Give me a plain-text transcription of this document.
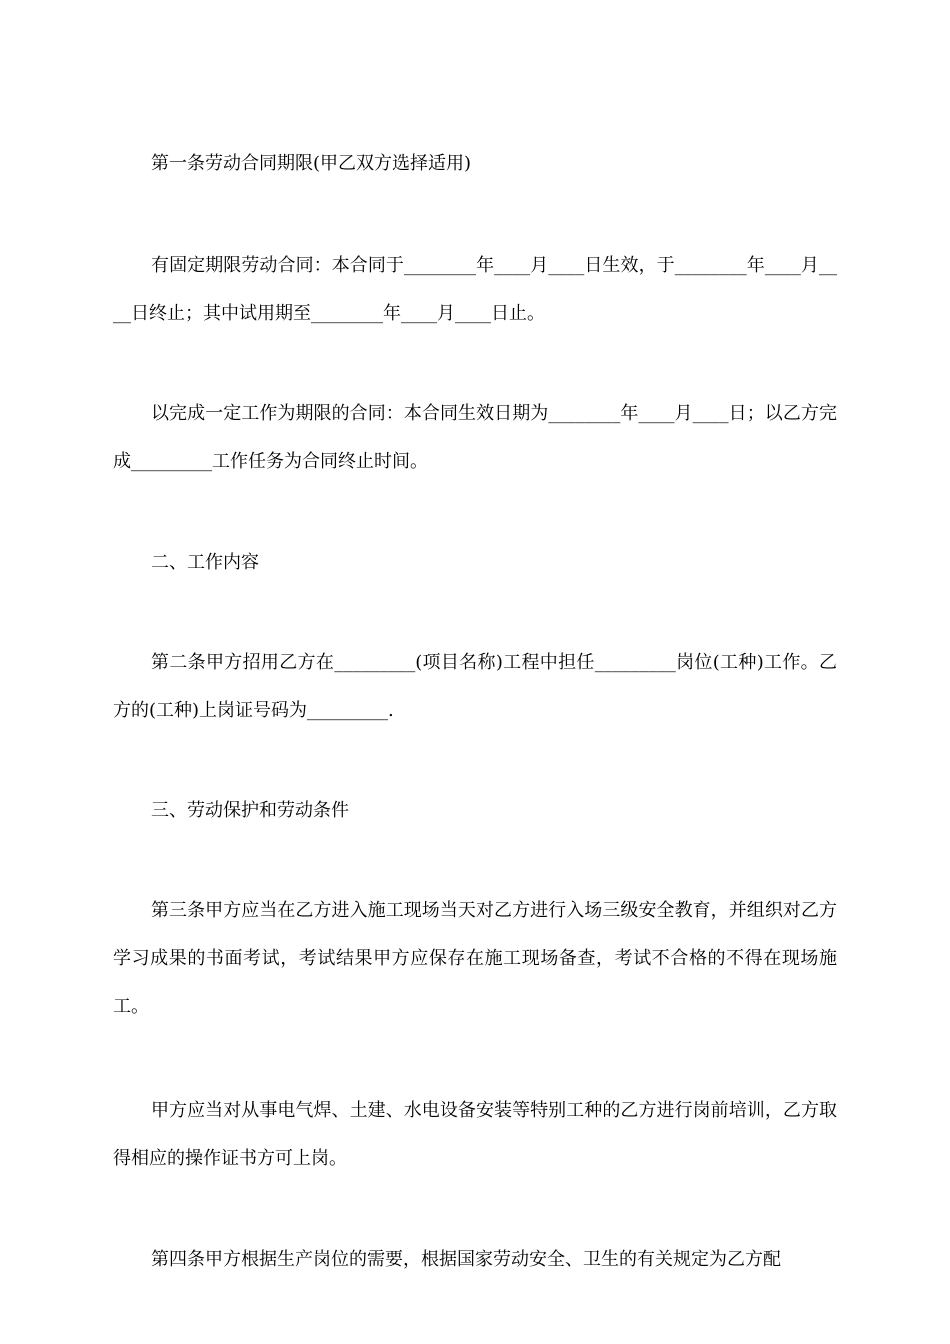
第一条劳动合同期限(甲乙双方选择适用)

有固定期限劳动合同：本合同于________年____月____日生效，于________年____月____日终止；其中试用期至________年____月____日止。

以完成一定工作为期限的合同：本合同生效日期为________年____月____日；以乙方完成_________工作任务为合同终止时间。

二、工作内容

第二条甲方招用乙方在_________(项目名称)工程中担任_________岗位(工种)工作。乙方的(工种)上岗证号码为_________.

三、劳动保护和劳动条件

第三条甲方应当在乙方进入施工现场当天对乙方进行入场三级安全教育，并组织对乙方学习成果的书面考试，考试结果甲方应保存在施工现场备查，考试不合格的不得在现场施工。

甲方应当对从事电气焊、土建、水电设备安装等特别工种的乙方进行岗前培训，乙方取得相应的操作证书方可上岗。

第四条甲方根据生产岗位的需要，根据国家劳动安全、卫生的有关规定为乙方配
